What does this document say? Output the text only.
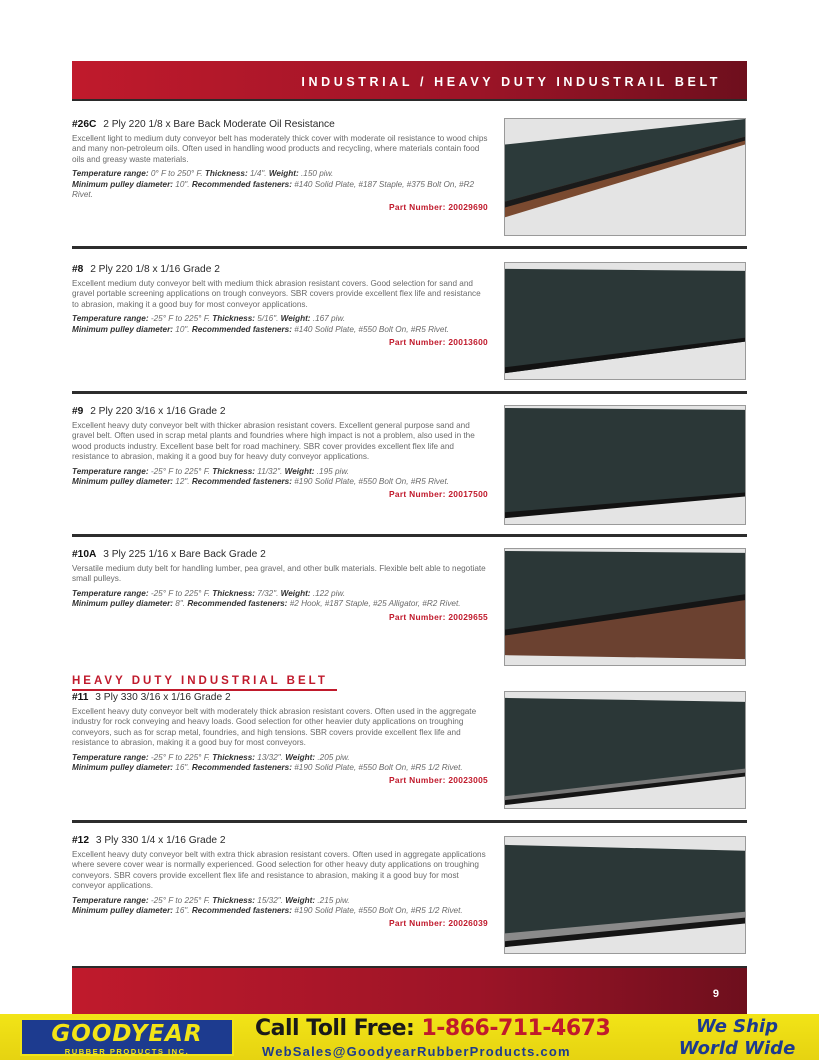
INDUSTRIAL / HEAVY DUTY INDUSTRAIL BELT
#26C 2 Ply 220 1/8 x Bare Back Moderate Oil Resistance
Excellent light to medium duty conveyor belt has moderately thick cover with moderate oil resistance to wood chips and many non-petroleum oils. Often used in handling wood products and recycling, where materials contain food oils and greasy waste materials.
Temperature range: 0° F to 250° F. Thickness: 1/4". Weight: .150 piw.
Minimum pulley diameter: 10". Recommended fasteners: #140 Solid Plate, #187 Staple, #375 Bolt On, #R2 Rivet.
Part Number: 20029690
#8 2 Ply 220 1/8 x 1/16 Grade 2
Excellent medium duty conveyor belt with medium thick abrasion resistant covers. Good selection for sand and gravel portable screening applications on trough conveyors. SBR covers provide excellent flex life and resistance to abrasion, making it a good buy for most conveyor applications.
Temperature range: -25° F to 225° F. Thickness: 5/16". Weight: .167 piw.
Minimum pulley diameter: 10". Recommended fasteners: #140 Solid Plate, #550 Bolt On, #R5 Rivet.
Part Number: 20013600
#9 2 Ply 220 3/16 x 1/16 Grade 2
Excellent heavy duty conveyor belt with thicker abrasion resistant covers. Excellent general purpose sand and gravel belt. Often used in scrap metal plants and foundries where high impact is not a problem, also used in the wood products industry. Excellent base belt for road machinery. SBR cover provides excellent flex life and resistance to abrasion, making it a good buy for heavy duty conveyor applications.
Temperature range: -25° F to 225° F. Thickness: 11/32". Weight: .195 piw.
Minimum pulley diameter: 12". Recommended fasteners: #190 Solid Plate, #550 Bolt On, #R5 Rivet.
Part Number: 20017500
#10A 3 Ply 225 1/16 x Bare Back Grade 2
Versatile medium duty belt for handling lumber, pea gravel, and other bulk materials. Flexible belt able to negotiate small pulleys.
Temperature range: -25° F to 225° F. Thickness: 7/32". Weight: .122 piw.
Minimum pulley diameter: 8". Recommended fasteners: #2 Hook, #187 Staple, #25 Alligator, #R2 Rivet.
Part Number: 20029655
HEAVY DUTY INDUSTRIAL BELT
#11 3 Ply 330 3/16 x 1/16 Grade 2
Excellent heavy duty conveyor belt with moderately thick abrasion resistant covers. Often used in the aggregate industry for rock conveying and heavy loads. Good selection for other heavier duty applications on troughing conveyors, such as for scrap metal, foundries, and high tensions. SBR covers provide excellent flex life and resistance to abrasion, making it a good buy for most conveyors.
Temperature range: -25° F to 225° F. Thickness: 13/32". Weight: .205 piw.
Minimum pulley diameter: 16". Recommended fasteners: #190 Solid Plate, #550 Bolt On, #R5 1/2 Rivet.
Part Number: 20023005
#12 3 Ply 330 1/4 x 1/16 Grade 2
Excellent heavy duty conveyor belt with extra thick abrasion resistant covers. Often used in aggregate applications where severe cover wear is normally experienced. Good selection for other heavy duty applications on troughing conveyors. SBR covers provide excellent flex life and resistance to abrasion, making it a good buy for most conveyor applications.
Temperature range: -25° F to 225° F. Thickness: 15/32". Weight: .215 piw.
Minimum pulley diameter: 16". Recommended fasteners: #190 Solid Plate, #550 Bolt On, #R5 1/2 Rivet.
Part Number: 20026039
9
GOODYEAR
RUBBER PRODUCTS INC.
Call Toll Free: 1-866-711-4673
WebSales@GoodyearRubberProducts.com
We Ship
World Wide
